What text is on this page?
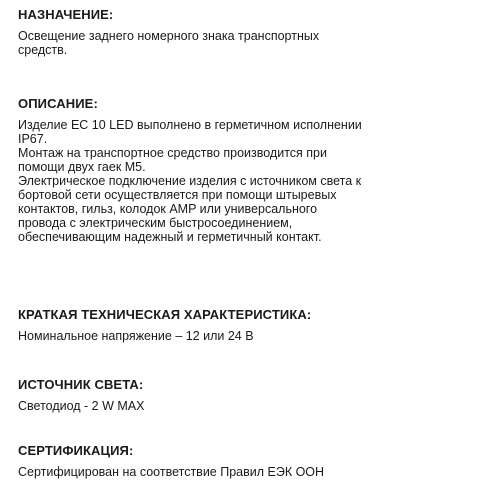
НАЗНАЧЕНИЕ:
Освещение заднего номерного знака транспортных
средств.
ОПИСАНИЕ:
Изделие ЕС 10 LED выполнено в герметичном исполнении
IP67.
Монтаж на транспортное средство производится при
помощи двух гаек М5.
Электрическое подключение изделия с источником света к
бортовой сети осуществляется при помощи штыревых
контактов, гильз, колодок AMP или универсального
провода с электрическим быстросоединением,
обеспечивающим надежный и герметичный контакт.
КРАТКАЯ ТЕХНИЧЕСКАЯ ХАРАКТЕРИСТИКА:
Номинальное напряжение – 12 или 24 В
ИСТОЧНИК СВЕТА:
Светодиод - 2 W MAX
СЕРТИФИКАЦИЯ:
Сертифицирован на соответствие Правил ЕЭК ООН
